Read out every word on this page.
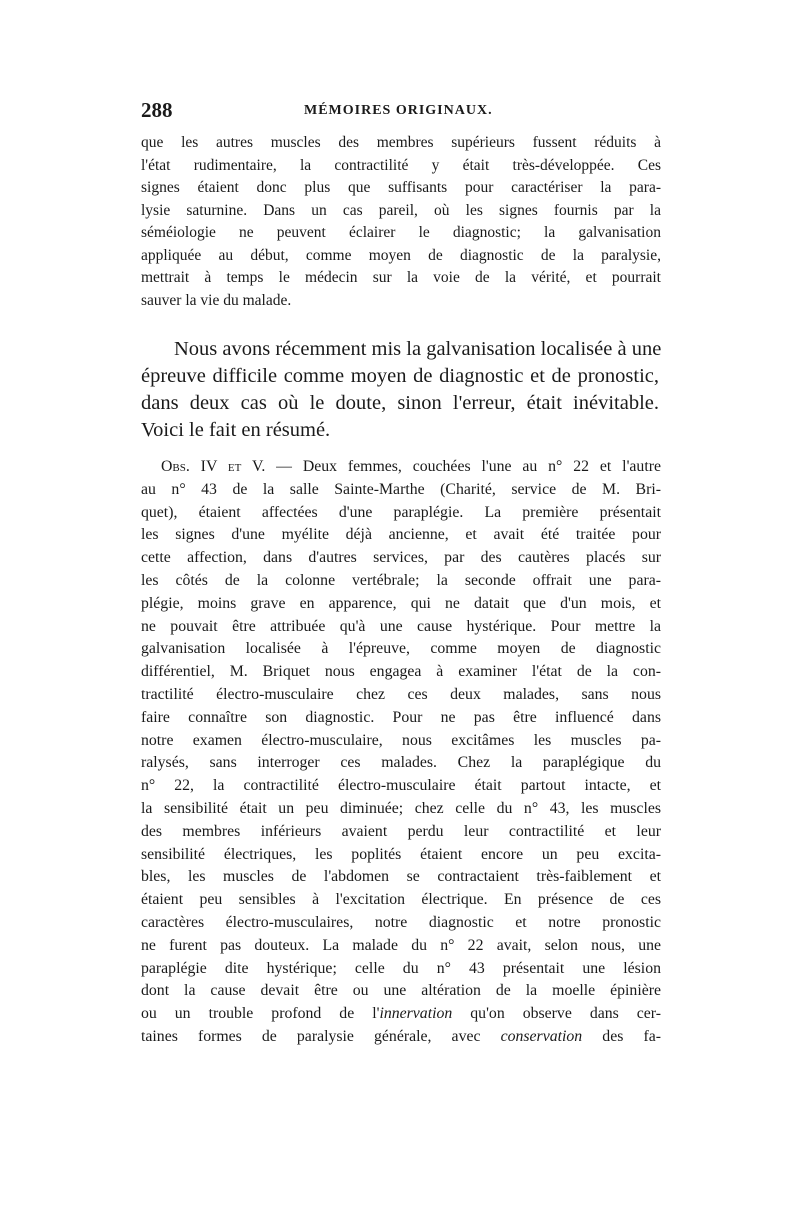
288	MÉMOIRES ORIGINAUX.
que les autres muscles des membres supérieurs fussent réduits à
l'état rudimentaire, la contractilité y était très-développée. Ces
signes étaient donc plus que suffisants pour caractériser la para-
lysie saturnine. Dans un cas pareil, où les signes fournis par la
séméiologie ne peuvent éclairer le diagnostic; la galvanisation
appliquée au début, comme moyen de diagnostic de la paralysie,
mettrait à temps le médecin sur la voie de la vérité, et pourrait
sauver la vie du malade.
Nous avons récemment mis la galvanisation localisée à une
épreuve difficile comme moyen de diagnostic et de pronostic,
dans deux cas où le doute, sinon l'erreur, était inévitable.
Voici le fait en résumé.
Obs. IV et V. — Deux femmes, couchées l'une au n° 22 et l'autre
au n° 43 de la salle Sainte-Marthe (Charité, service de M. Bri-
quet), étaient affectées d'une paraplégie. La première présentait
les signes d'une myélite déjà ancienne, et avait été traitée pour
cette affection, dans d'autres services, par des cautères placés sur
les côtés de la colonne vertébrale; la seconde offrait une para-
plégie, moins grave en apparence, qui ne datait que d'un mois, et
ne pouvait être attribuée qu'à une cause hystérique. Pour mettre la
galvanisation localisée à l'épreuve, comme moyen de diagnostic
différentiel, M. Briquet nous engagea à examiner l'état de la con-
tractilité électro-musculaire chez ces deux malades, sans nous
faire connaître son diagnostic. Pour ne pas être influencé dans
notre examen électro-musculaire, nous excitâmes les muscles pa-
ralysés, sans interroger ces malades. Chez la paraplégique du
n° 22, la contractilité électro-musculaire était partout intacte, et
la sensibilité était un peu diminuée; chez celle du n° 43, les muscles
des membres inférieurs avaient perdu leur contractilité et leur
sensibilité électriques, les poplités étaient encore un peu excita-
bles, les muscles de l'abdomen se contractaient très-faiblement et
étaient peu sensibles à l'excitation électrique. En présence de ces
caractères électro-musculaires, notre diagnostic et notre pronostic
ne furent pas douteux. La malade du n° 22 avait, selon nous, une
paraplégie dite hystérique; celle du n° 43 présentait une lésion
dont la cause devait être ou une altération de la moelle épinière
ou un trouble profond de l'innervation qu'on observe dans cer-
taines formes de paralysie générale, avec conservation des fa-
